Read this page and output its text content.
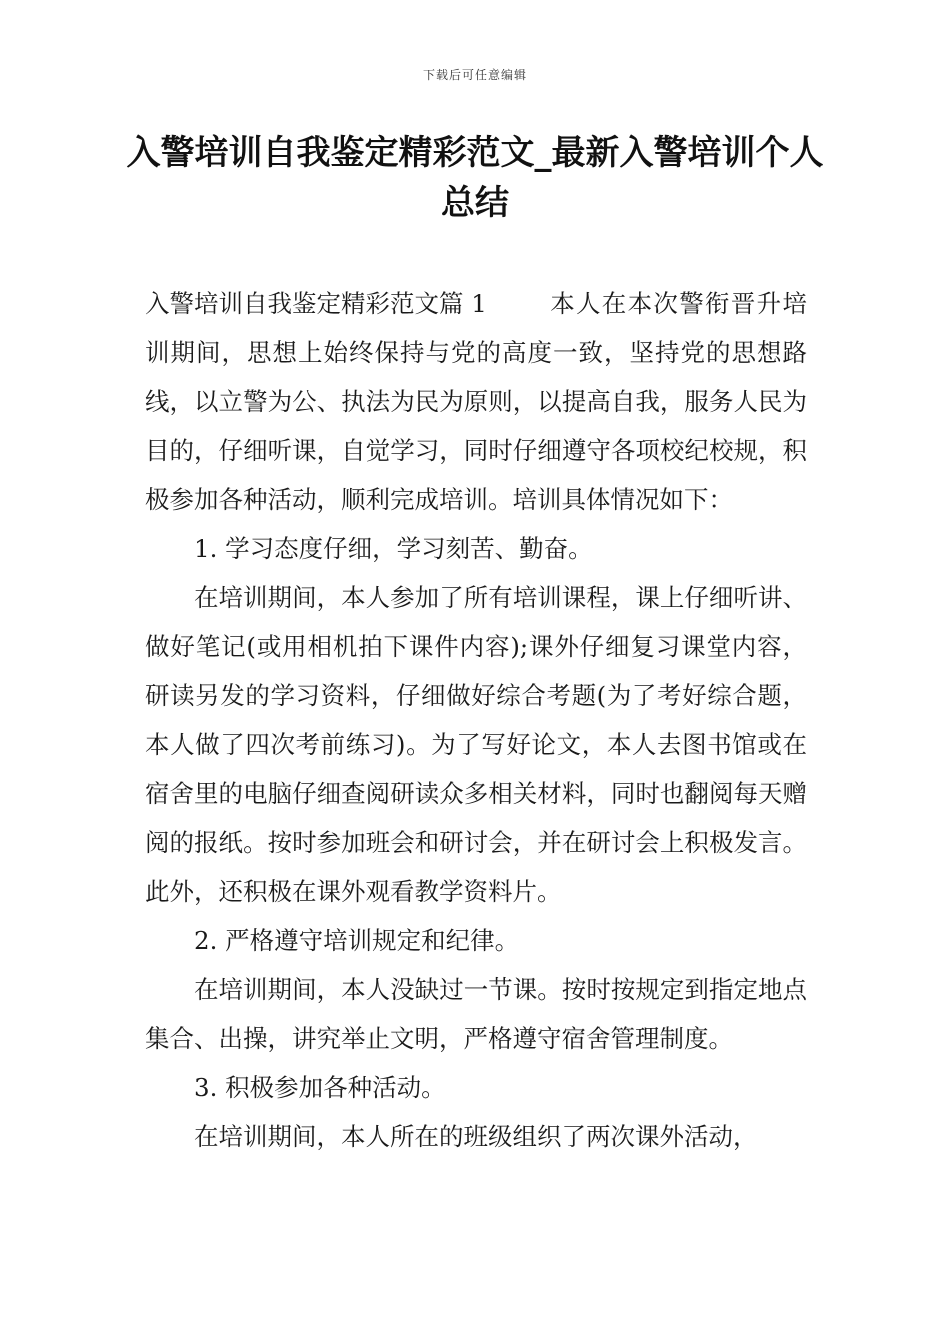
下载后可任意编辑
入警培训自我鉴定精彩范文_最新入警培训个人总结

入警培训自我鉴定精彩范文篇 1	本人在本次警衔晋升培训期间，思想上始终保持与党的高度一致，坚持党的思想路线，以立警为公、执法为民为原则，以提高自我，服务人民为目的，仔细听课，自觉学习，同时仔细遵守各项校纪校规，积极参加各种活动，顺利完成培训。培训具体情况如下：

1. 学习态度仔细，学习刻苦、勤奋。

在培训期间，本人参加了所有培训课程，课上仔细听讲、做好笔记(或用相机拍下课件内容);课外仔细复习课堂内容，研读另发的学习资料，仔细做好综合考题(为了考好综合题，本人做了四次考前练习)。为了写好论文，本人去图书馆或在宿舍里的电脑仔细查阅研读众多相关材料，同时也翻阅每天赠阅的报纸。按时参加班会和研讨会，并在研讨会上积极发言。此外，还积极在课外观看教学资料片。

2. 严格遵守培训规定和纪律。

在培训期间，本人没缺过一节课。按时按规定到指定地点集合、出操，讲究举止文明，严格遵守宿舍管理制度。

3. 积极参加各种活动。

在培训期间，本人所在的班级组织了两次课外活动，
